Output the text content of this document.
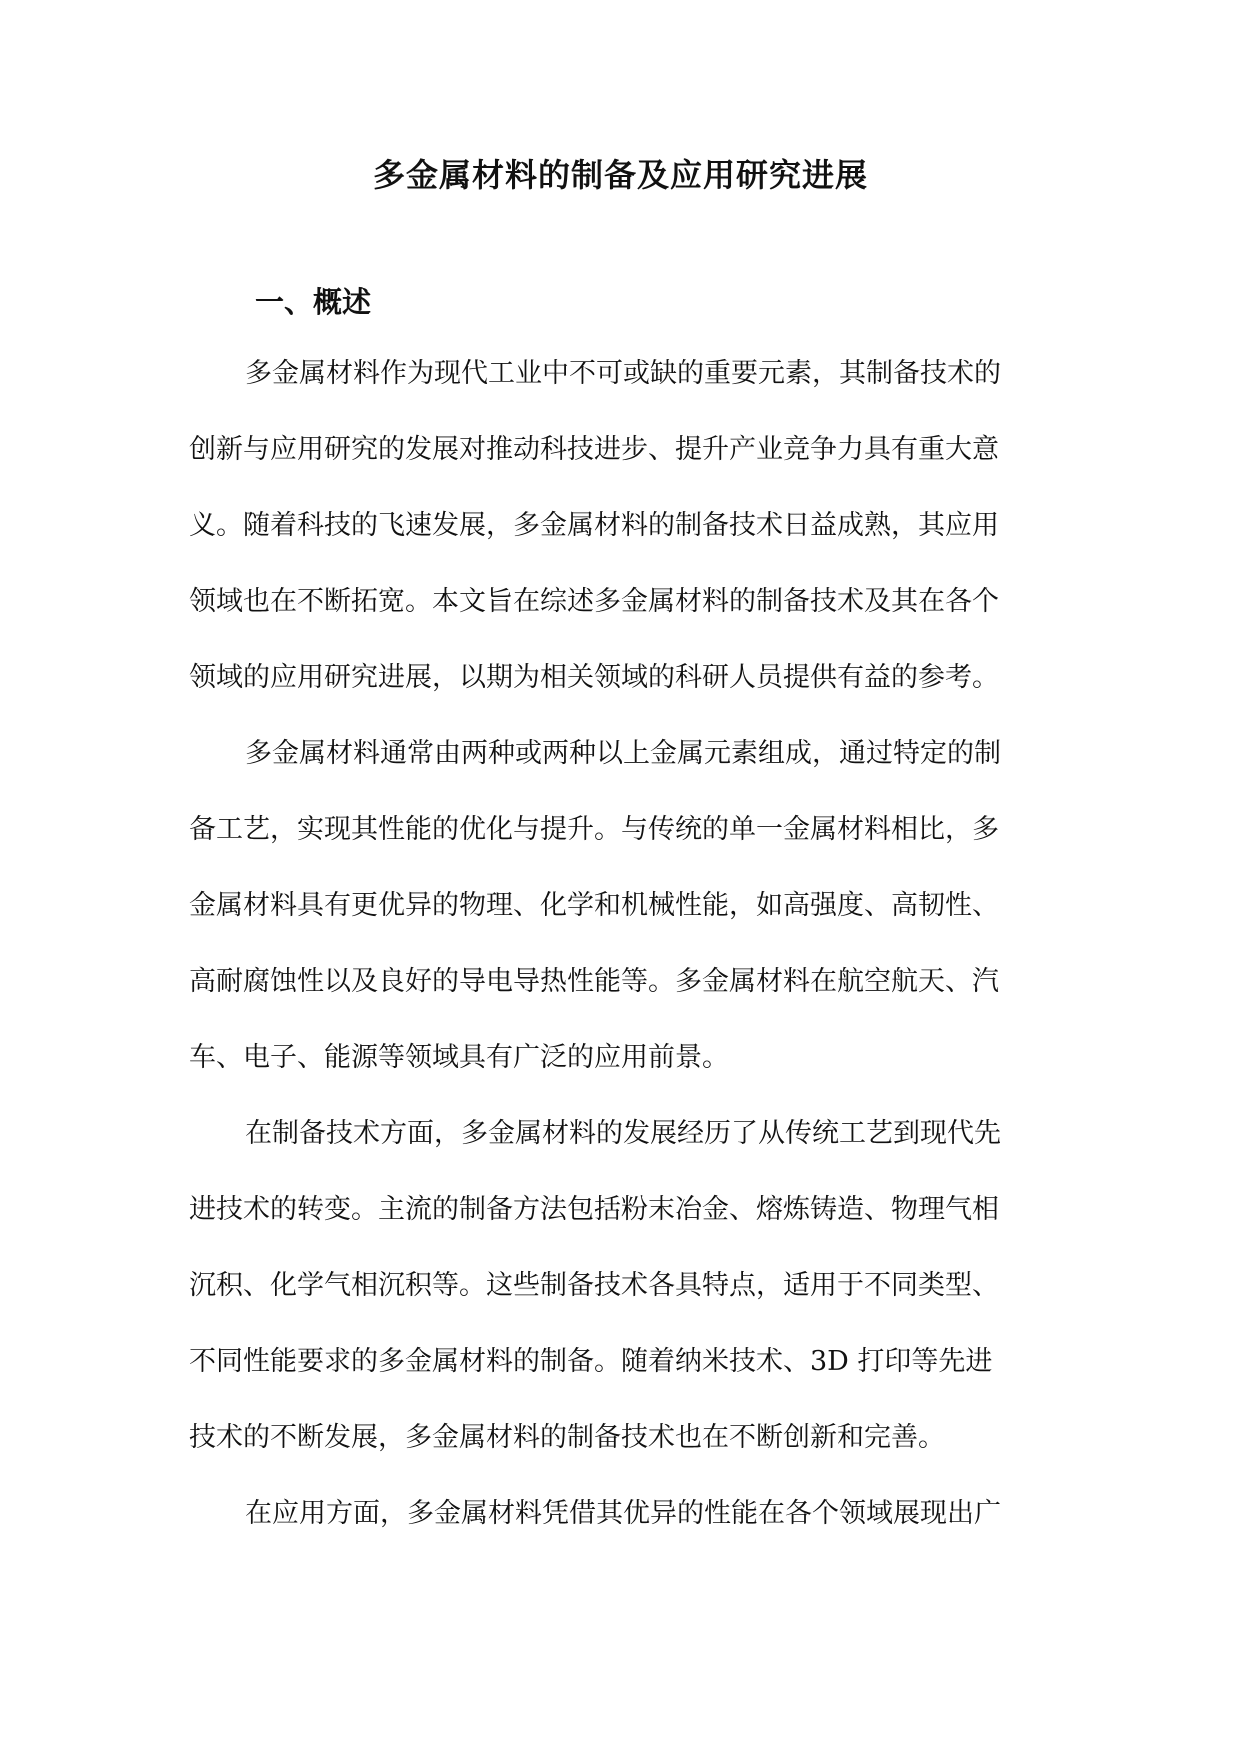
多金属材料的制备及应用研究进展
一、概述
多金属材料作为现代工业中不可或缺的重要元素，其制备技术的
创新与应用研究的发展对推动科技进步、提升产业竞争力具有重大意
义。随着科技的飞速发展，多金属材料的制备技术日益成熟，其应用
领域也在不断拓宽。本文旨在综述多金属材料的制备技术及其在各个
领域的应用研究进展，以期为相关领域的科研人员提供有益的参考。
多金属材料通常由两种或两种以上金属元素组成，通过特定的制
备工艺，实现其性能的优化与提升。与传统的单一金属材料相比，多
金属材料具有更优异的物理、化学和机械性能，如高强度、高韧性、
高耐腐蚀性以及良好的导电导热性能等。多金属材料在航空航天、汽
车、电子、能源等领域具有广泛的应用前景。
在制备技术方面，多金属材料的发展经历了从传统工艺到现代先
进技术的转变。主流的制备方法包括粉末冶金、熔炼铸造、物理气相
沉积、化学气相沉积等。这些制备技术各具特点，适用于不同类型、
不同性能要求的多金属材料的制备。随着纳米技术、3D 打印等先进
技术的不断发展，多金属材料的制备技术也在不断创新和完善。
在应用方面，多金属材料凭借其优异的性能在各个领域展现出广
